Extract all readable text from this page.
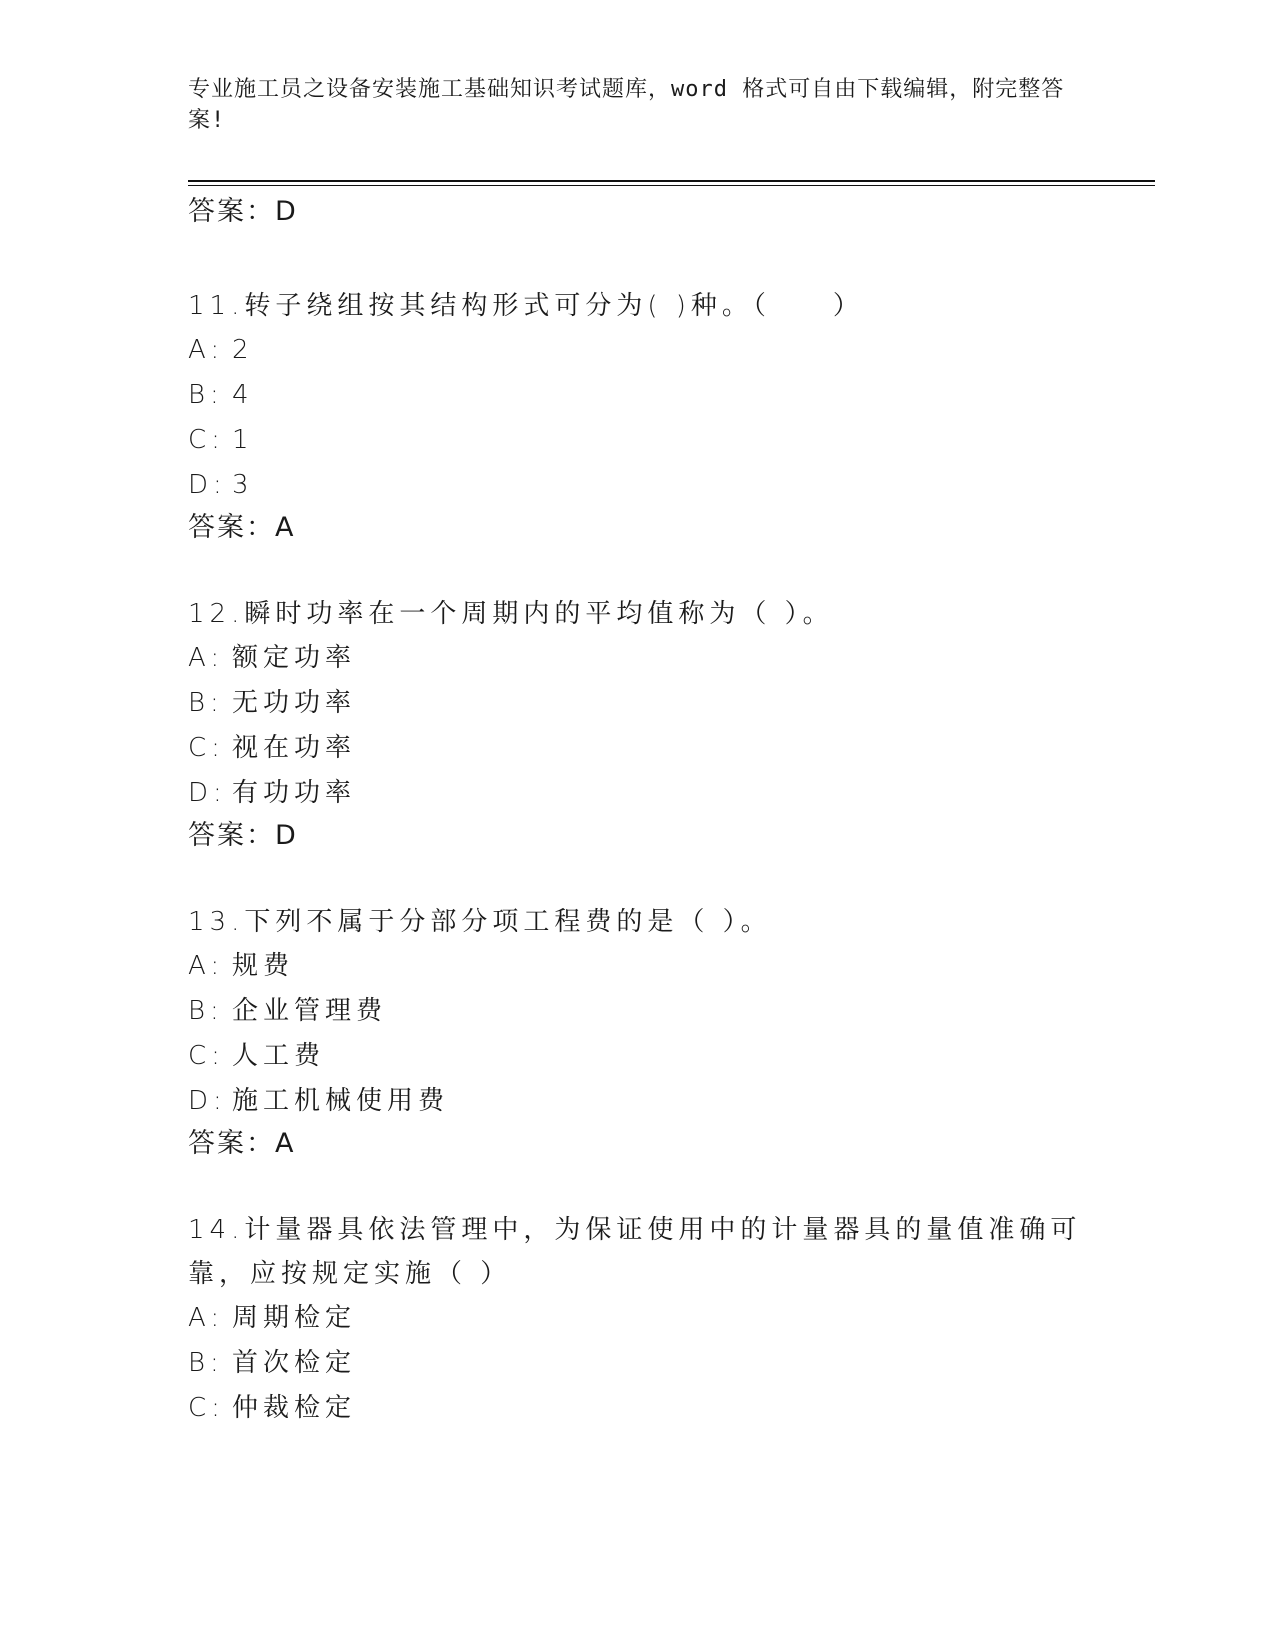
专业施工员之设备安装施工基础知识考试题库，word 格式可自由下载编辑，附完整答案!
答案：D
11.转子绕组按其结构形式可分为( )种。（　　）
A: 2
B: 4
C: 1
D: 3
答案：A
12.瞬时功率在一个周期内的平均值称为（ ）。
A: 额定功率
B: 无功功率
C: 视在功率
D: 有功功率
答案：D
13.下列不属于分部分项工程费的是（ ）。
A: 规费
B: 企业管理费
C: 人工费
D: 施工机械使用费
答案：A
14.计量器具依法管理中，为保证使用中的计量器具的量值准确可靠，应按规定实施（ ）
A: 周期检定
B: 首次检定
C: 仲裁检定
